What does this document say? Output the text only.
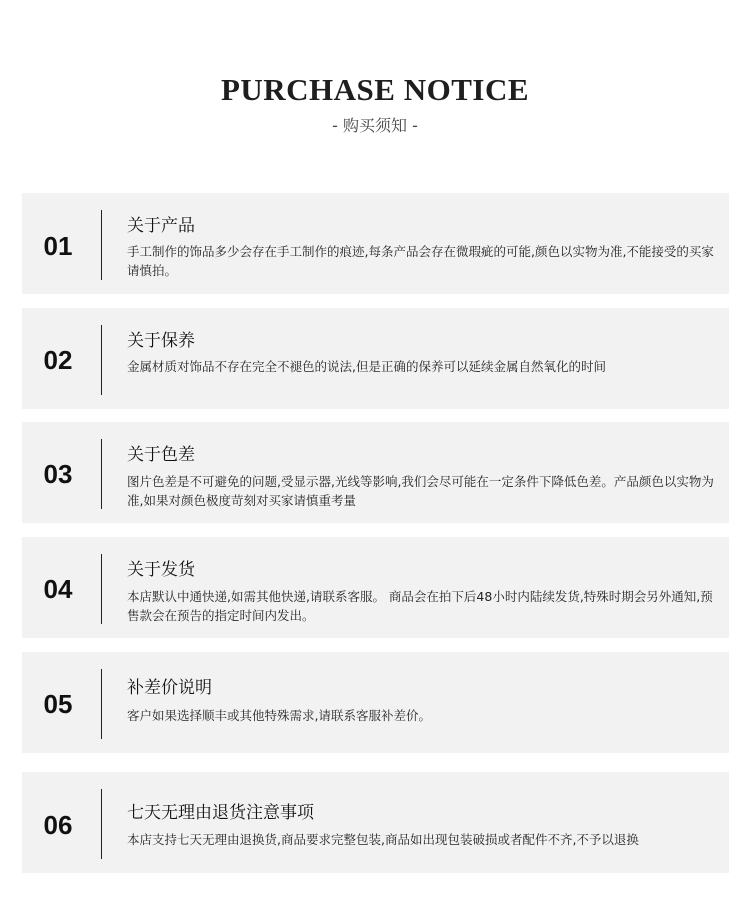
PURCHASE NOTICE
- 购买须知 -
01
关于产品
手工制作的饰品多少会存在手工制作的痕迹,每条产品会存在微瑕疵的可能,颜色以实物为准,不能接受的买家请慎拍。
02
关于保养
金属材质对饰品不存在完全不褪色的说法,但是正确的保养可以延续金属自然氧化的时间
03
关于色差
图片色差是不可避免的问题,受显示器,光线等影响,我们会尽可能在一定条件下降低色差。产品颜色以实物为准,如果对颜色极度苛刻对买家请慎重考量
04
关于发货
本店默认中通快递,如需其他快递,请联系客服。 商品会在拍下后48小时内陆续发货,特殊时期会另外通知,预售款会在预告的指定时间内发出。
05
补差价说明
客户如果选择顺丰或其他特殊需求,请联系客服补差价。
06	七天无理由退货注意事项
本店支持七天无理由退换货,商品要求完整包装,商品如出现包装破损或者配件不齐,不予以退换
